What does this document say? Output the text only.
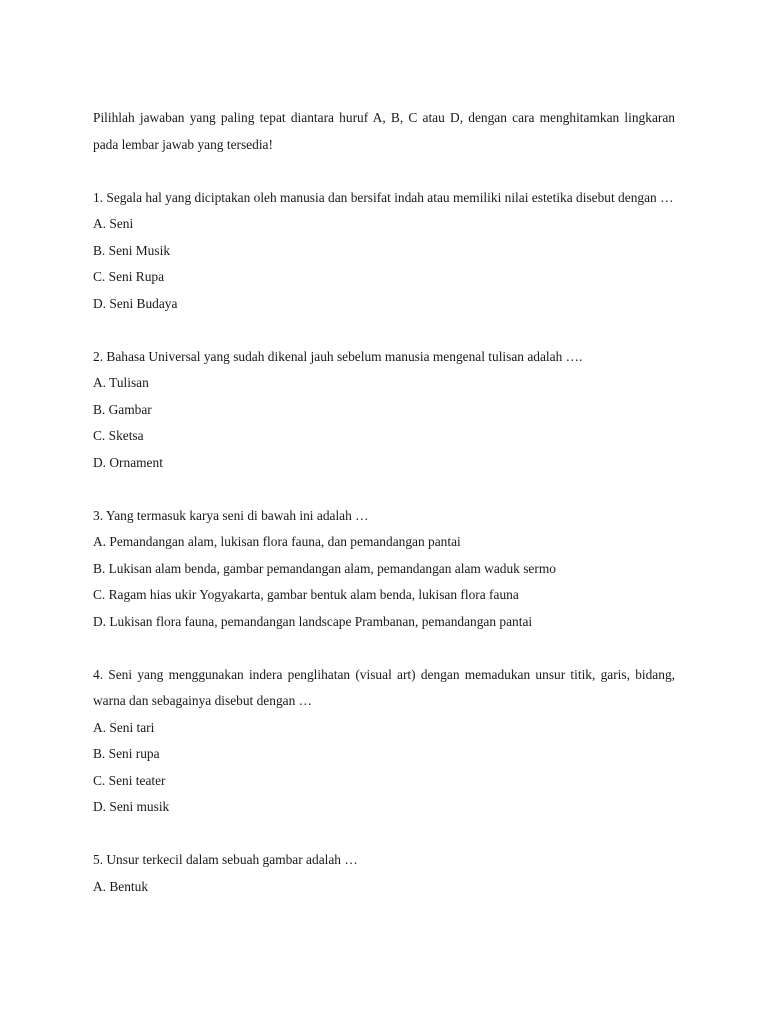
Pilihlah jawaban yang paling tepat diantara huruf A, B, C atau D, dengan cara menghitamkan lingkaran pada lembar jawab yang tersedia!

1. Segala hal yang diciptakan oleh manusia dan bersifat indah atau memiliki nilai estetika disebut dengan …

A. Seni

B. Seni Musik

C. Seni Rupa

D. Seni Budaya

2. Bahasa Universal yang sudah dikenal jauh sebelum manusia mengenal tulisan adalah ….

A. Tulisan

B. Gambar

C. Sketsa

D. Ornament

3. Yang termasuk karya seni di bawah ini adalah …

A. Pemandangan alam, lukisan flora fauna, dan pemandangan pantai

B. Lukisan alam benda, gambar pemandangan alam, pemandangan alam waduk sermo

C. Ragam hias ukir Yogyakarta, gambar bentuk alam benda, lukisan flora fauna

D. Lukisan flora fauna, pemandangan landscape Prambanan, pemandangan pantai

4. Seni yang menggunakan indera penglihatan (visual art) dengan memadukan unsur titik, garis, bidang, warna dan sebagainya disebut dengan …

A. Seni tari

B. Seni rupa

C. Seni teater

D. Seni musik

5. Unsur terkecil dalam sebuah gambar adalah …

A. Bentuk
